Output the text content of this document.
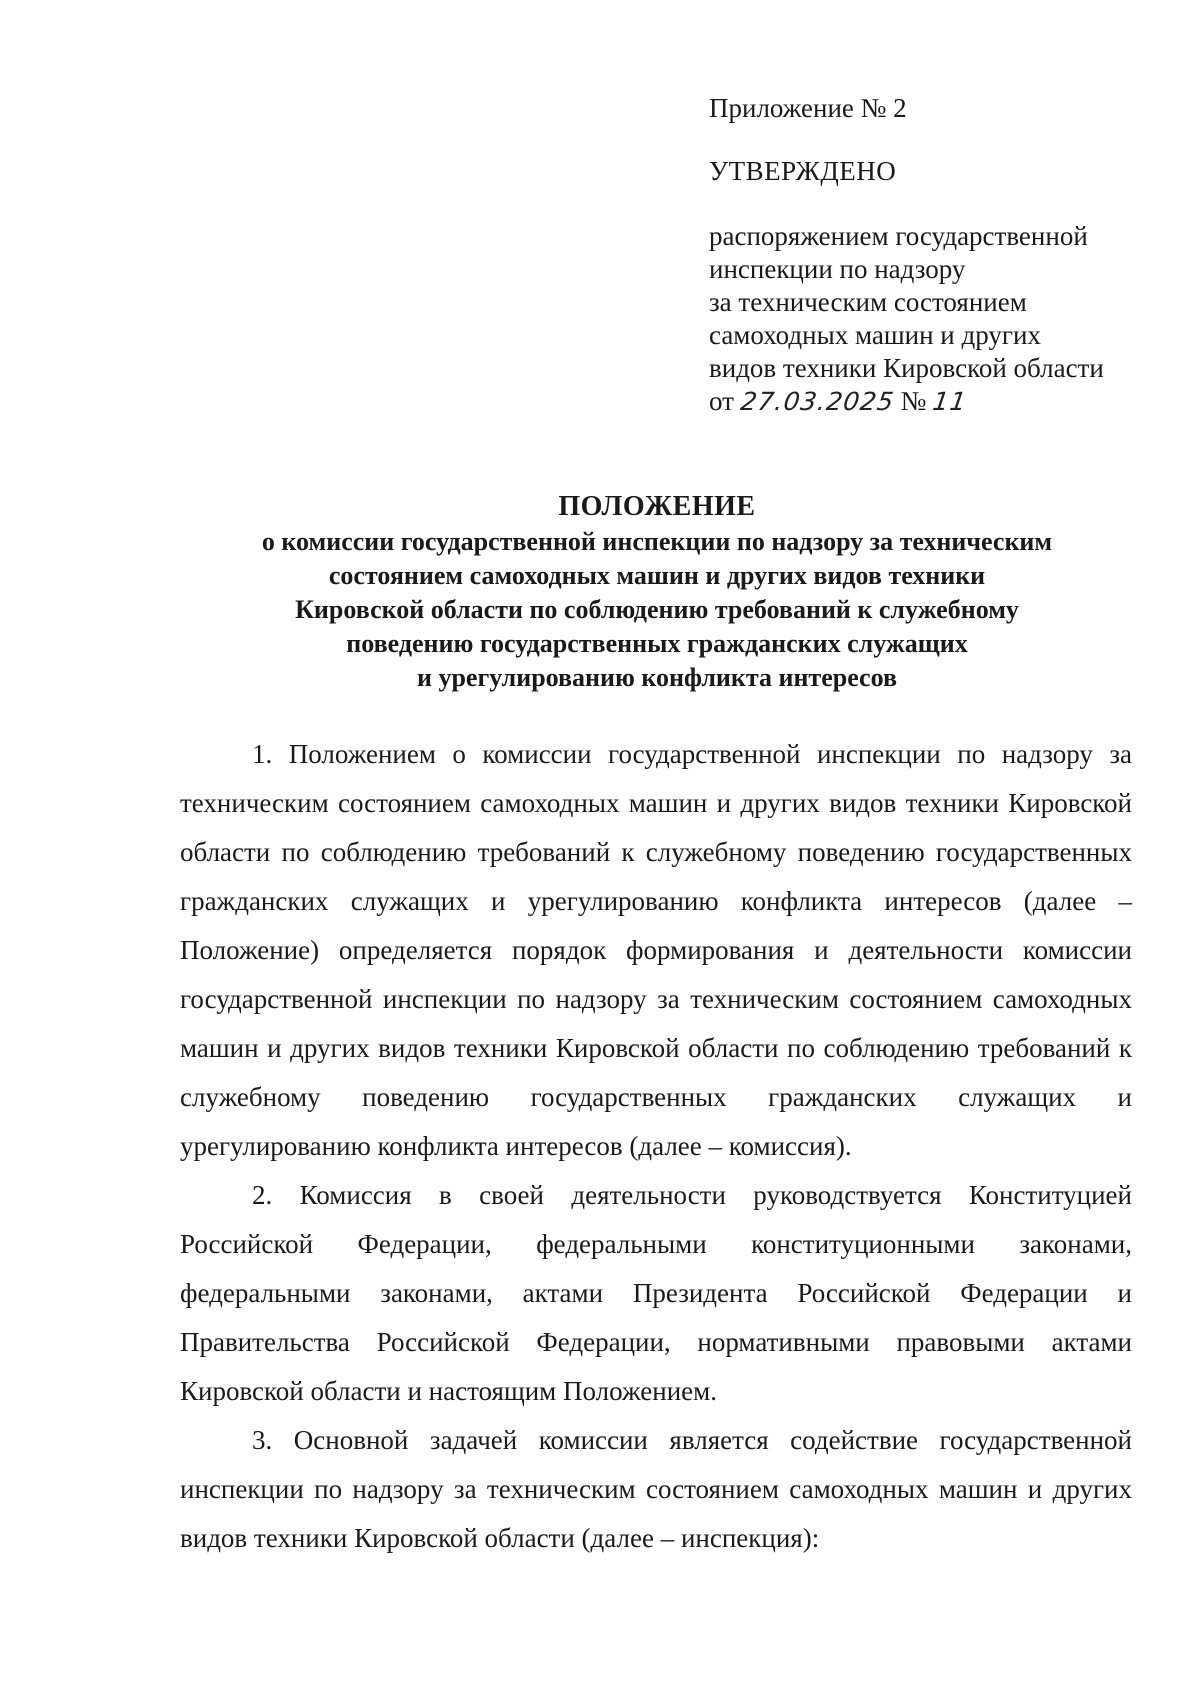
Приложение № 2

УТВЕРЖДЕНО

распоряжением государственной
инспекции по надзору
за техническим состоянием
самоходных машин и других
видов техники Кировской области

от 27.03.2025 № 11

ПОЛОЖЕНИЕ

о комиссии государственной инспекции по надзору за техническим
состоянием самоходных машин и других видов техники
Кировской области по соблюдению требований к служебному
поведению государственных гражданских служащих
и урегулированию конфликта интересов

1. Положением о комиссии государственной инспекции по надзору за техническим состоянием самоходных машин и других видов техники Кировской области по соблюдению требований к служебному поведению государственных гражданских служащих и урегулированию конфликта интересов (далее – Положение) определяется порядок формирования и деятельности комиссии государственной инспекции по надзору за техническим состоянием самоходных машин и других видов техники Кировской области по соблюдению требований к служебному поведению государственных гражданских служащих и урегулированию конфликта интересов (далее – комиссия).

2. Комиссия в своей деятельности руководствуется Конституцией Российской Федерации, федеральными конституционными законами, федеральными законами, актами Президента Российской Федерации и Правительства Российской Федерации, нормативными правовыми актами Кировской области и настоящим Положением.

3. Основной задачей комиссии является содействие государственной инспекции по надзору за техническим состоянием самоходных машин и других видов техники Кировской области (далее – инспекция):
